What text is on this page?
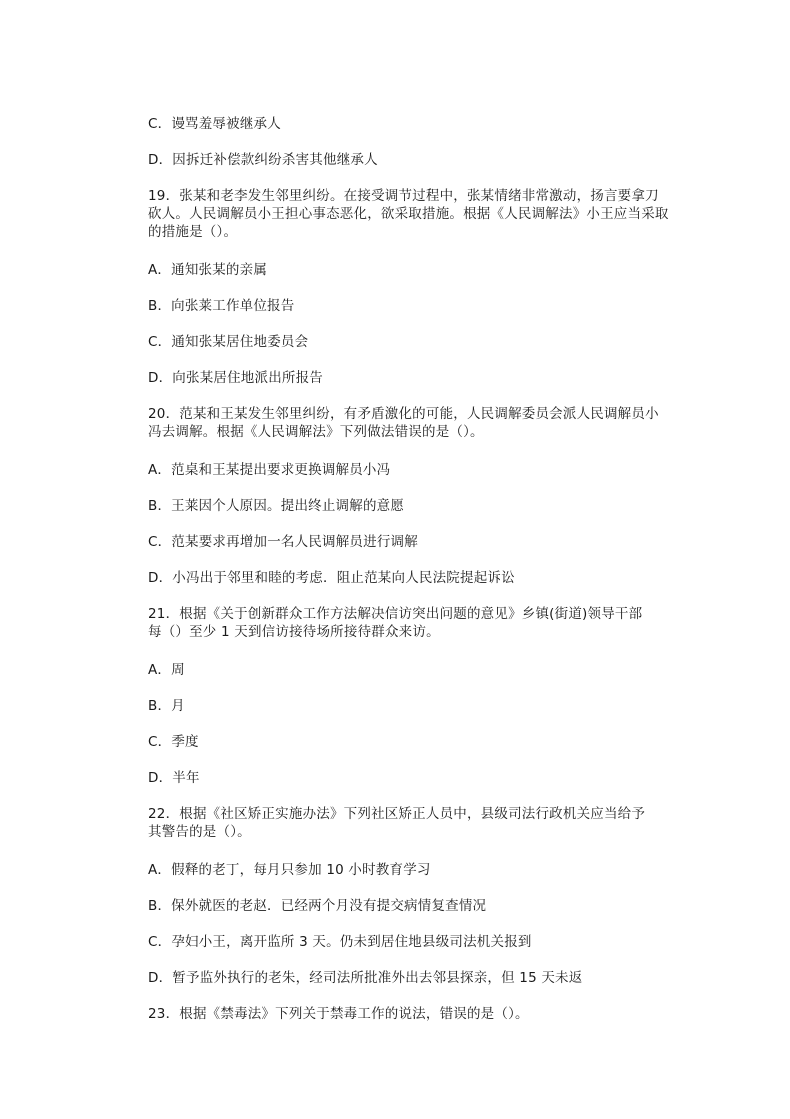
C．谩骂羞辱被继承人
D．因拆迁补偿款纠纷杀害其他继承人
19．张某和老李发生邻里纠纷。在接受调节过程中，张某情绪非常激动，扬言要拿刀
砍人。人民调解员小王担心事态恶化，欲采取措施。根据《人民调解法》小王应当采取
的措施是（）。
A．通知张某的亲属
B．向张莱工作单位报告
C．通知张某居住地委员会
D．向张某居住地派出所报告
20．范某和王某发生邻里纠纷，有矛盾激化的可能，人民调解委员会派人民调解员小
冯去调解。根据《人民调解法》下列做法错误的是（）。
A．范桌和王某提出要求更换调解员小冯
B．王莱因个人原因。提出终止调解的意愿
C．范某要求再增加一名人民调解员进行调解
D．小冯出于邻里和睦的考虑．阻止范某向人民法院提起诉讼
21．根据《关于创新群众工作方法解决信访突出问题的意见》乡镇(街道)领导干部
每（）至少 1 天到信访接待场所接待群众来访。
A．周
B．月
C．季度
D．半年
22．根据《社区矫正实施办法》下列社区矫正人员中，县级司法行政机关应当给予
其警告的是（）。
A．假释的老丁，每月只参加 10 小时教育学习
B．保外就医的老赵．已经两个月没有提交病情复查情况
C．孕妇小王，离开监所 3 天。仍未到居住地县级司法机关报到
D．暂予监外执行的老朱，经司法所批准外出去邻县探亲，但 15 天未返
23．根据《禁毒法》下列关于禁毒工作的说法，错误的是（）。
